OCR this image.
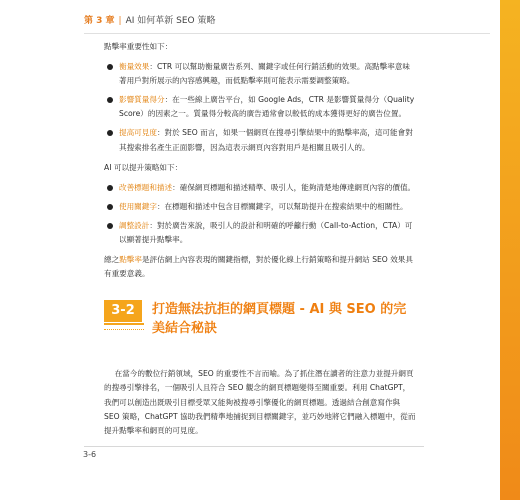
第 3 章 | AI 如何革新 SEO 策略

點擊率重要性如下：

衡量效果：CTR 可以幫助衡量廣告系列、關鍵字或任何行銷活動的效果。高點擊率意味著用戶對所展示的內容感興趣，而低點擊率則可能表示需要調整策略。
影響質量得分：在一些線上廣告平台，如 Google Ads，CTR 是影響質量得分（Quality Score）的因素之一。質量得分較高的廣告通常會以較低的成本獲得更好的廣告位置。
提高可見度：對於 SEO 而言，如果一個網頁在搜尋引擎結果中的點擊率高，這可能會對其搜索排名產生正面影響，因為這表示網頁內容對用戶是相關且吸引人的。

AI 可以提升策略如下：

改善標題和描述：確保網頁標題和描述精準、吸引人，能夠清楚地傳達網頁內容的價值。
使用關鍵字：在標題和描述中包含目標關鍵字，可以幫助提升在搜索結果中的相關性。
調整設計：對於廣告來說，吸引人的設計和明確的呼籲行動（Call-to-Action，CTA）可以顯著提升點擊率。

總之點擊率是評估網上內容表現的關鍵指標，對於優化線上行銷策略和提升網站 SEO 效果具有重要意義。

3-2	打造無法抗拒的網頁標題 - AI 與 SEO 的完美結合秘訣

在當今的數位行銷領域，SEO 的重要性不言而喻。為了抓住潛在讀者的注意力並提升網頁的搜尋引擎排名，一個吸引人且符合 SEO 觀念的網頁標題變得至關重要。利用 ChatGPT，我們可以創造出既吸引目標受眾又能夠被搜尋引擎優化的網頁標題。透過結合創意寫作與 SEO 策略，ChatGPT 協助我們精準地捕捉到目標關鍵字，並巧妙地將它們融入標題中，從而提升點擊率和網頁的可見度。

3-6
